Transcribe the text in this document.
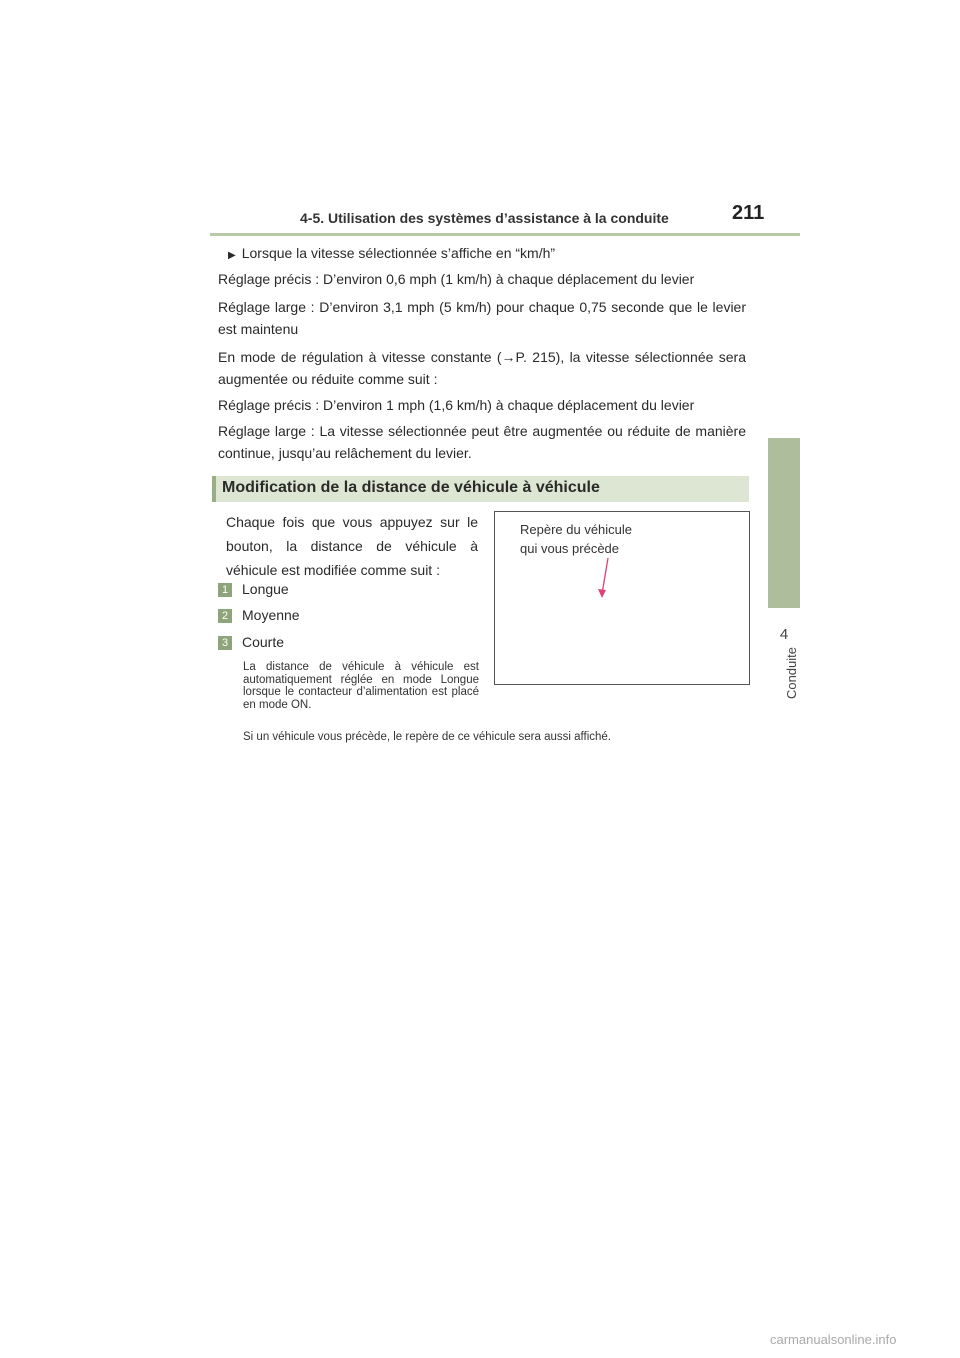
4-5. Utilisation des systèmes d’assistance à la conduite	211
4
Conduite
▶ Lorsque la vitesse sélectionnée s’affiche en “km/h”
Réglage précis : D’environ 0,6 mph (1 km/h) à chaque déplacement du levier
Réglage large : D’environ 3,1 mph (5 km/h) pour chaque 0,75 seconde que le levier est maintenu
En mode de régulation à vitesse constante (→P. 215), la vitesse sélectionnée sera augmentée ou réduite comme suit :
Réglage précis : D’environ 1 mph (1,6 km/h) à chaque déplacement du levier
Réglage large : La vitesse sélectionnée peut être augmentée ou réduite de manière continue, jusqu’au relâchement du levier.
Modification de la distance de véhicule à véhicule
Chaque fois que vous appuyez sur le bouton, la distance de véhicule à véhicule est modifiée comme suit :
1 Longue
2 Moyenne
3 Courte
La distance de véhicule à véhicule est automatiquement réglée en mode Longue lorsque le contacteur d’alimentation est placé en mode ON.
Si un véhicule vous précède, le repère de ce véhicule sera aussi affiché.
Repère du véhicule
qui vous précède
carmanualsonline.info
